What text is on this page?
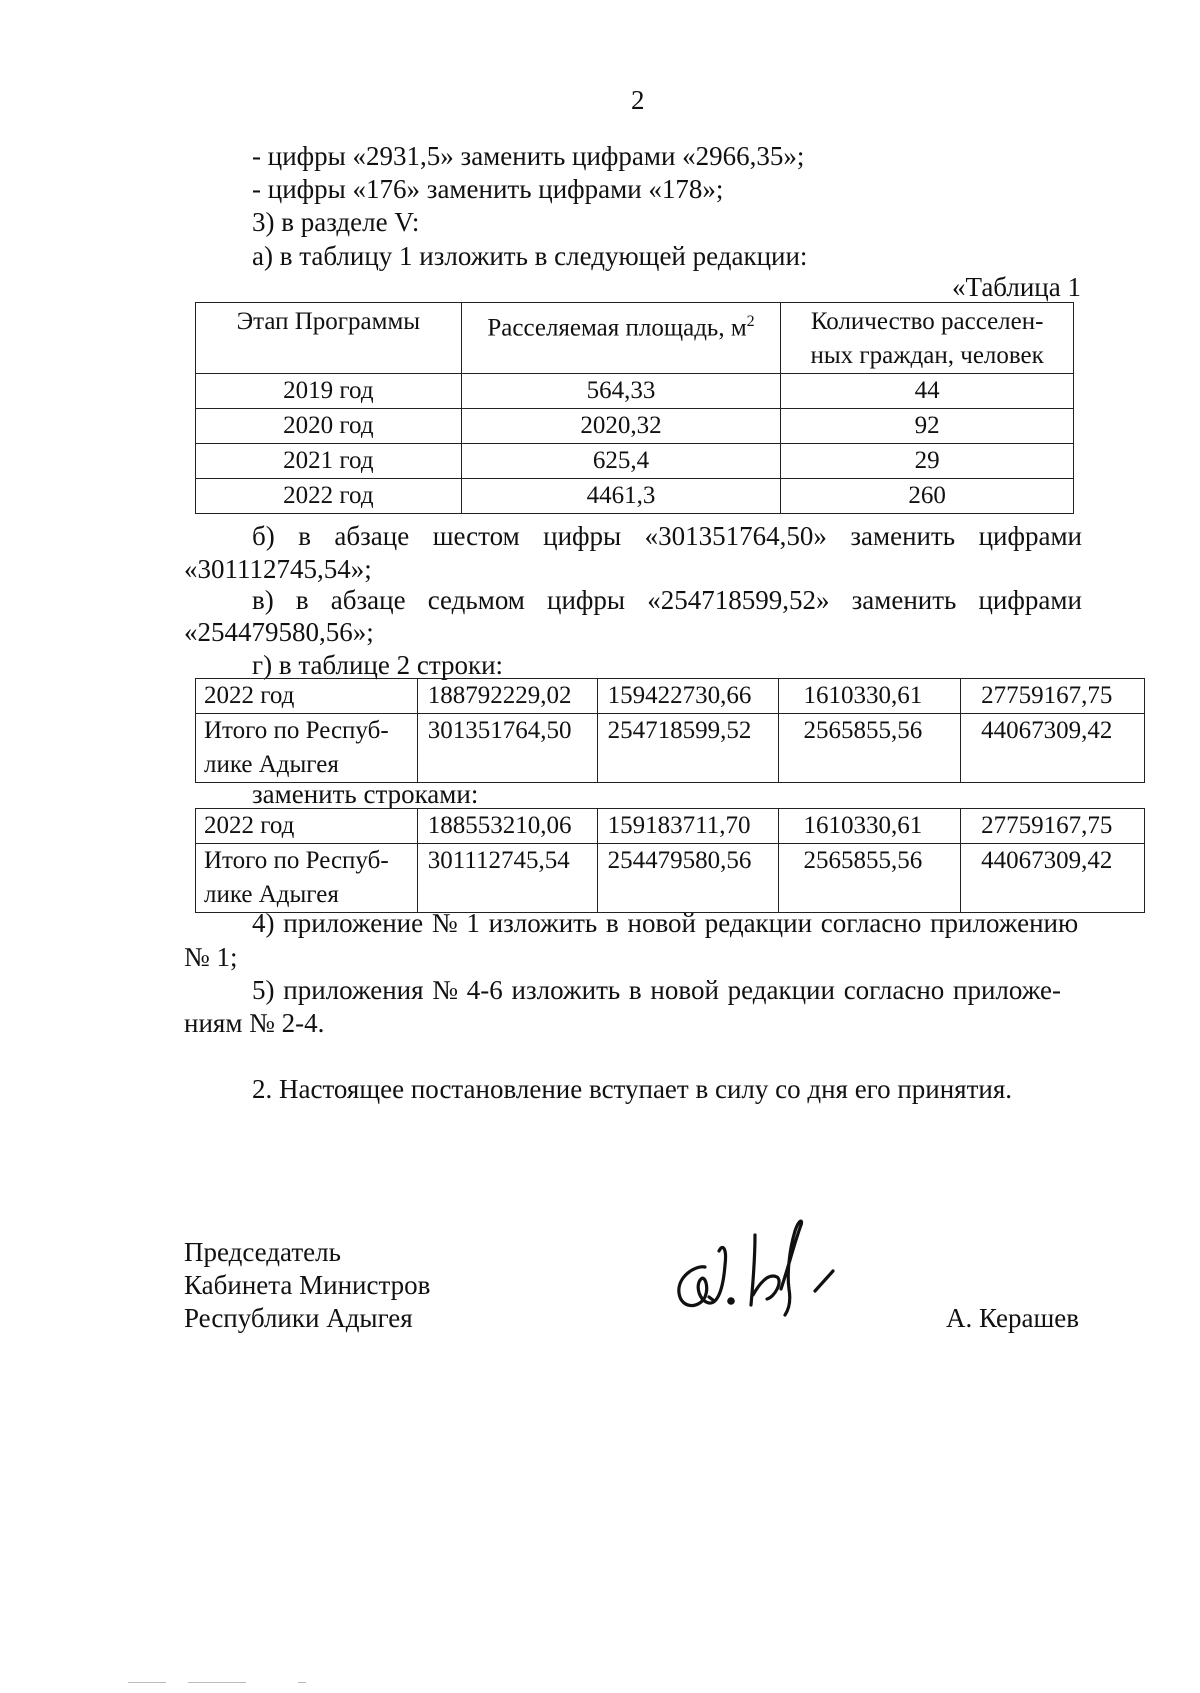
2
- цифры «2931,5» заменить цифрами «2966,35»;
- цифры «176» заменить цифрами «178»;
3) в разделе V:
а) в таблицу 1 изложить в следующей редакции:
«Таблица 1
Этап Программы	Расселяемая площадь, $м^2$	Количество расселен-
ных граждан, человек

2019 год	564,33	44
2020 год	2020,32	92
2021 год	625,4	29
2022 год	4461,3	260
б) в абзаце шестом цифры «301351764,50» заменить цифрами
«301112745,54»;
в) в абзаце седьмом цифры «254718599,52» заменить цифрами
«254479580,56»;
г) в таблице 2 строки:
2022 год	188792229,02	159422730,66	1610330,61	27759167,75

Итого по Респуб-
лике Адыгея	301351764,50	254718599,52	2565855,56	44067309,42
заменить строками:
2022 год	188553210,06	159183711,70	1610330,61	27759167,75

Итого по Респуб-
лике Адыгея	301112745,54	254479580,56	2565855,56	44067309,42
4) приложение № 1 изложить в новой редакции согласно приложению
№ 1;
5) приложения № 4-6 изложить в новой редакции согласно приложе-
ниям № 2-4.
2. Настоящее постановление вступает в силу со дня его принятия.
Председатель
Кабинета Министров
Республики Адыгея	А. Керашев
